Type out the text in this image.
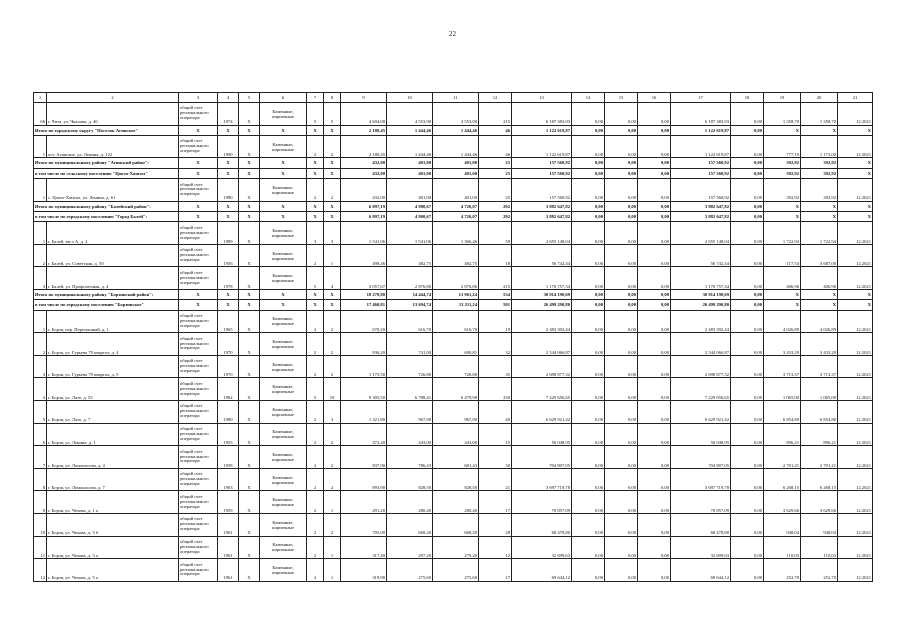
22
1	2	3	4	5	6	7	8	9	10	11	12	13	14	15	16	17	18	19	20	21
66	г. Чита, ул. Чкалова, д. 46	общий счет регионального оператора	1974	X	Каменные, кирпичные	5	5	4 604,00	4 553,90	4 553,90	215	6 187 383,93	0,00	0,00	0,00	6 187 383,93	0,00	1 358,70	1 358,70	12.2021
Итого по городскому округу "Поселок Агинское"		X	X	X	X	X	X	2 180,45	1 444,46	1 444,46	46	1 122 619,87	0,00	0,00	0,00	1 122 619,87	0,00	X	X	X
1	пгт. Агинское, ул. Ленина, д. 122	общий счет регионального оператора	1990	X	Каменные, кирпичные	2	2	2 180,45	1 444,46	1 444,46	46	1 122 619,87	0,00	0,00	0,00	1 122 619,87	0,00	777,19	1 173,00	12.2021
Итого по муниципальному району "Агинский район":		X	X	X	X	X	X	432,00	401,00	401,00	25	157 560,92	0,00	0,00	0,00	157 560,92	0,00	392,92	392,92	X
в том числе по сельскому поселению "Цокто-Хангил"		X	X	X	X	X	X	432,00	401,00	401,00	25	157 560,92	0,00	0,00	0,00	157 560,92	0,00	392,92	392,92	X
1	с. Цокто-Хангил, ул. Ленина, д. 61	общий счет регионального оператора	1980	X	Каменные, кирпичные	2	2	432,00	401,00	401,00	25	157 560,92	0,00	0,00	0,00	157 560,92	0,00	392,92	392,92	12.2021
Итого по муниципальному району "Балейский район":		X	X	X	X	X	X	6 097,19	4 900,67	4 726,07	292	3 882 647,82	0,00	0,00	0,00	3 882 647,82	0,00	X	X	X
в том числе по городскому поселению "Город Балей":		X	X	X	X	X	X	6 097,19	4 900,67	4 726,07	292	3 882 647,82	0,00	0,00	0,00	3 882 647,82	0,00	X	X	X
1	г. Балей, кв-л А, д. 2	общий счет регионального оператора	1989	X	Каменные, кирпичные	3	3	1 541,06	1 541,06	1 366,46	59	2 655 148,04	0,00	0,00	0,00	2 655 148,04	0,00	1 722,94	1 722,94	12.2021
2	г. Балей, ул. Советская, д. 50	общий счет регионального оператора	1956	X	Каменные, кирпичные	2	1	498,46	482,75	482,75	18	56 742,44	0,00	0,00	0,00	56 742,44	0,00	117,54	3 687,00	12.2021
3	г. Балей, ул. Профсоюзная, д. 4	общий счет регионального оператора	1978	X	Каменные, кирпичные	5	4	4 057,67	2 876,86	2 876,86	215	1 170 757,34	0,00	0,00	0,00	1 170 757,34	0,00	406,96	406,96	12.2021
Итого по муниципальному району "Борзинский район":		X	X	X	X	X	X	18 278,80	14 444,74	13 961,24	534	30 914 190,69	0,00	0,00	0,00	30 914 190,69	0,00	X	X	X
в том числе по городскому поселению "Борзинское"		X	X	X	X	X	X	17 460,81	13 694,74	13 211,24	501	26 499 290,80	0,00	0,00	0,00	26 499 290,80	0,00	X	X	X
1	г. Борзя, пер. Пересыпный, д. 1	общий счет регионального оператора	1965	X	Каменные, кирпичные	2	2	670,20	616,70	616,70	19	2 483 392,44	0,00	0,00	0,00	2 483 392,44	0,00	4 026,89	4 026,89	12.2021
2	г. Борзя, ул. Гурьева 79 квартал, д. 4	общий счет регионального оператора	1970	X	Каменные, кирпичные	2	2	836,20	741,00	690,81	32	2 544 066,87	0,00	0,00	0,00	2 544 066,87	0,00	3 433,29	3 433,29	12.2021
3	г. Борзя, ул. Гурьева 79 квартал, д. 5	общий счет регионального оператора	1970	X	Каменные, кирпичные	2	2	1 175,50	726,80	726,80	35	2 698 877,32	0,00	0,00	0,00	2 698 877,32	0,00	3 713,37	3 713,37	12.2021
4	г. Борзя, ул. Лазо, д. 55	общий счет регионального оператора	1982	X	Каменные, кирпичные	5	10	9 305,50	6 788,41	6 479,90	230	7 229 656,65	0,00	0,00	0,00	7 229 656,65	0,00	1 065,00	1 065,00	12.2021
5	г. Борзя, ул. Лазо, д. 7	общий счет регионального оператора	1980	X	Каменные, кирпичные	2	3	1 321,80	967,90	967,90	40	6 629 921,42	0,00	0,00	0,00	6 629 921,42	0,00	6 854,80	6 854,80	12.2021
6	г. Борзя, ул. Ленина, д. 1	общий счет регионального оператора	1955	X	Каменные, кирпичные	2	2	472,20	443,00	443,00	15	56 048,95	0,00	0,00	0,00	56 048,95	0,00	896,21	896,21	12.2021
7	г. Борзя, ул. Ломоносова, д. 4	общий счет регионального оператора	1958	X	Каменные, кирпичные	2	2	837,90	786,43	681,43	30	704 807,05	0,00	0,00	0,00	704 807,05	0,00	2 701,21	2 701,21	12.2021
8	г. Борзя, ул. Ломоносова, д. 7	общий счет регионального оператора	1963	X	Каменные, кирпичные	2	2	893,90	828,50	828,50	21	3 697 719,78	0,00	0,00	0,00	3 697 719,78	0,00	6 268,15	6 268,15	12.2021
9	г. Борзя, ул. Чехова, д. 1 а	общий счет регионального оператора	1959	X	Каменные, кирпичные	2	1	291,20	280,40	280,40	17	70 857,09	0,00	0,00	0,00	70 857,09	0,00	3 629,66	3 629,66	12.2021
10	г. Борзя, ул. Чехова, д. 3 б	общий счет регионального оператора	1961	X	Каменные, кирпичные	2	2	705,00	668,20	668,20	28	68 478,80	0,00	0,00	0,00	68 478,80	0,00	948,04	948,04	12.2021
11	г. Борзя, ул. Чехова, д. 3 а	общий счет регионального оператора	1961	X	Каменные, кирпичные	2	1	317,40	297,20	279,20	12	32 699,63	0,00	0,00	0,00	32 699,63	0,00	110,03	110,03	12.2021
12	г. Борзя, ул. Чехова, д. 5 а	общий счет регионального оператора	1961	X	Каменные, кирпичные	2	1	319,90	275,60	275,60	17	69 644,12	0,00	0,00	0,00	69 644,12	0,00	252,70	252,70	12.2021
